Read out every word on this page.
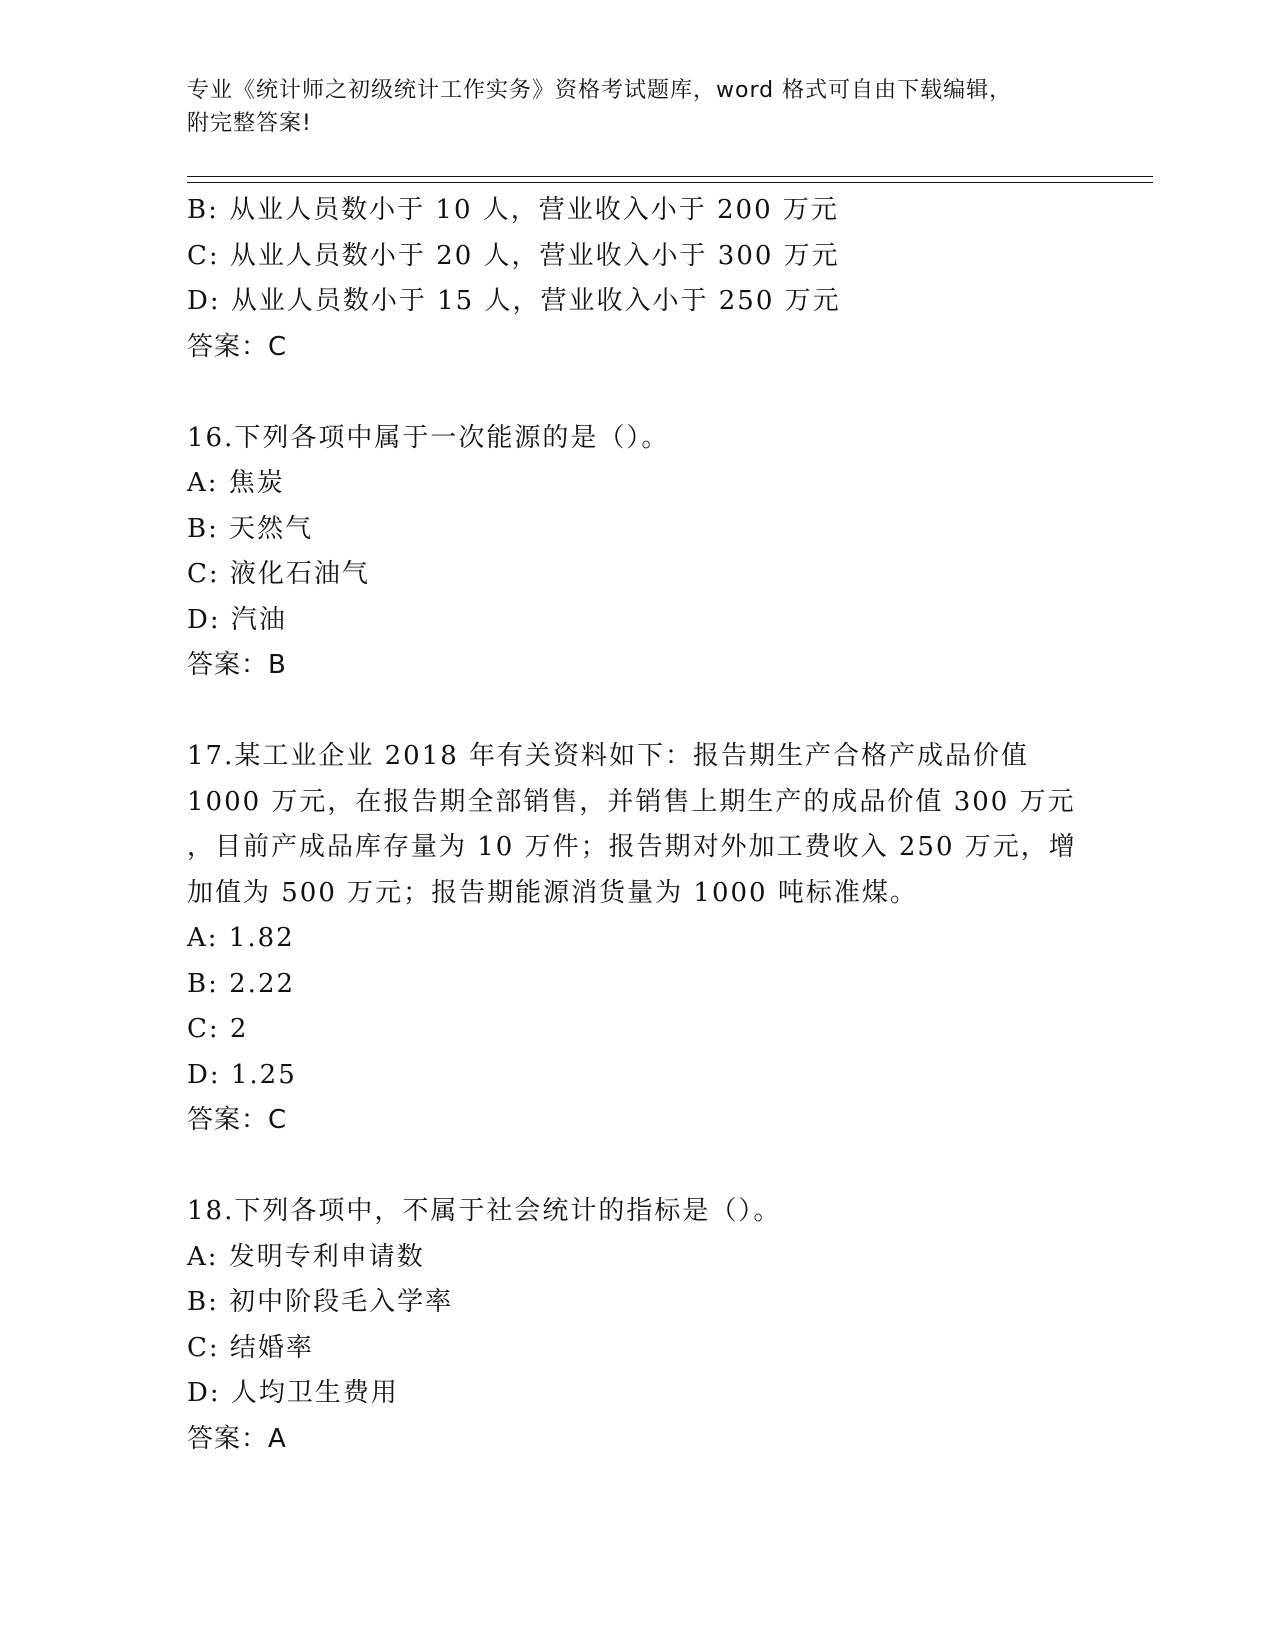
专业《统计师之初级统计工作实务》资格考试题库，word 格式可自由下载编辑，
附完整答案!
B: 从业人员数小于 10 人，营业收入小于 200 万元
C: 从业人员数小于 20 人，营业收入小于 300 万元
D: 从业人员数小于 15 人，营业收入小于 250 万元
答案：C
16.下列各项中属于一次能源的是（）。
A: 焦炭
B: 天然气
C: 液化石油气
D: 汽油
答案：B
17.某工业企业 2018 年有关资料如下：报告期生产合格产成品价值
1000 万元，在报告期全部销售，并销售上期生产的成品价值 300 万元
，目前产成品库存量为 10 万件；报告期对外加工费收入 250 万元，增
加值为 500 万元；报告期能源消货量为 1000 吨标准煤。
A: 1.82
B: 2.22
C: 2
D: 1.25
答案：C
18.下列各项中，不属于社会统计的指标是（）。
A: 发明专利申请数
B: 初中阶段毛入学率
C: 结婚率
D: 人均卫生费用
答案：A
